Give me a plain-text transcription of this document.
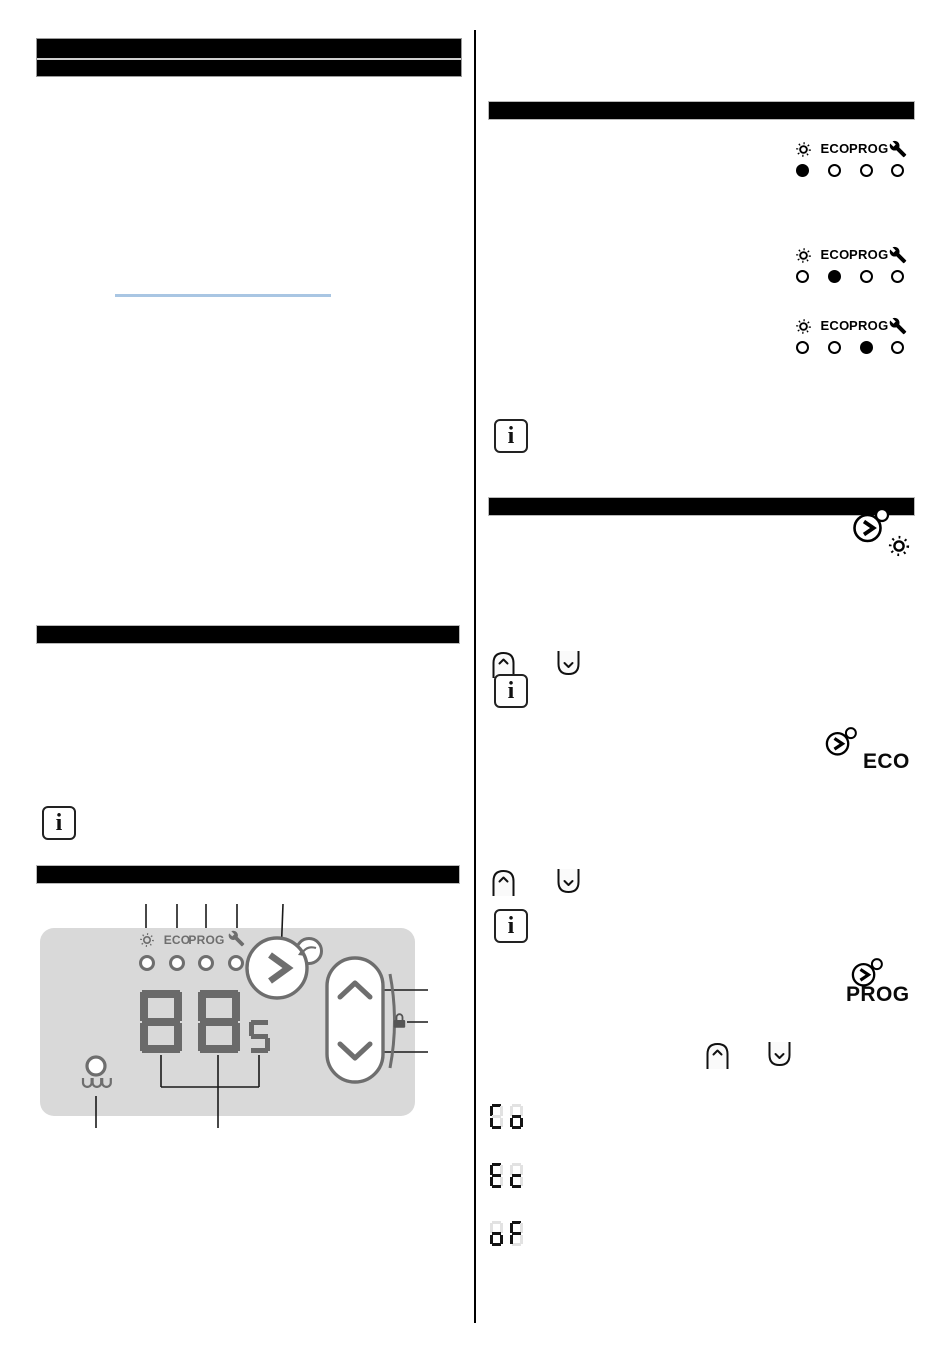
i
ECO
PROG
ECO PROG
ECO PROG
ECO PROG
i
i
ECO
i
PROG
